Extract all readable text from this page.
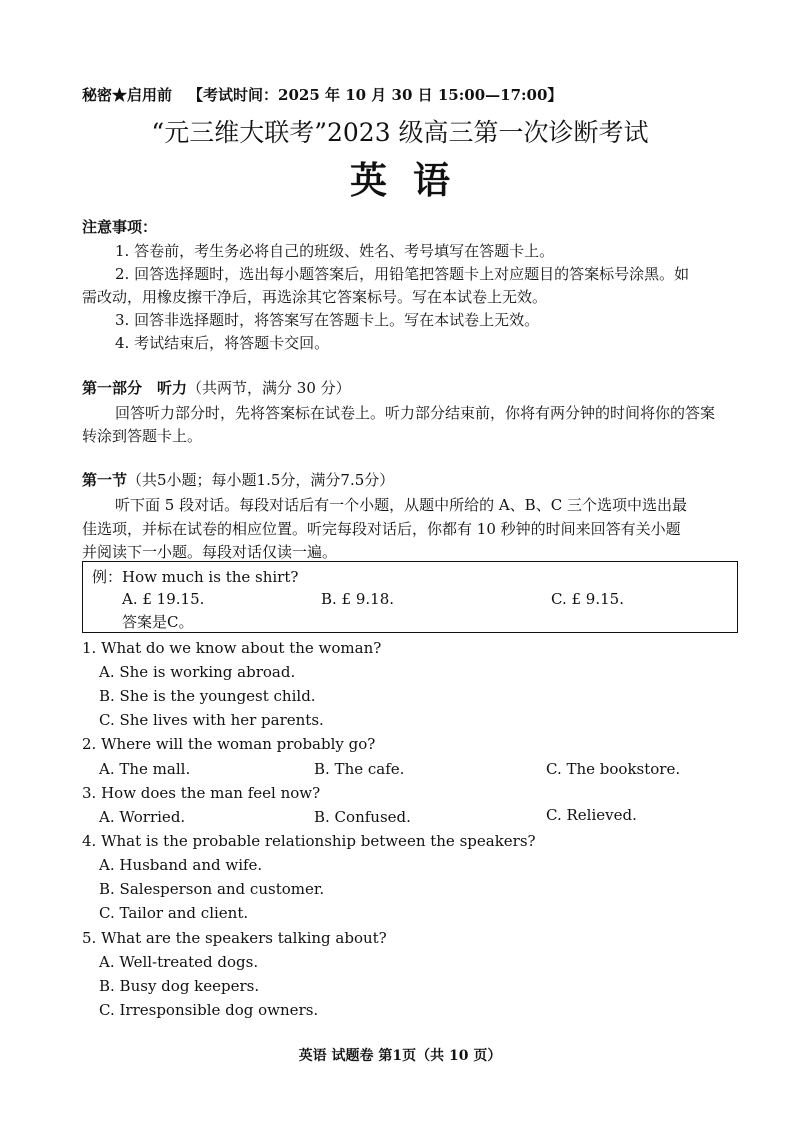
秘密★启用前 【考试时间：2025 年 10 月 30 日 15:00—17:00】
“元三维大联考”2023 级高三第一次诊断考试
英语
注意事项：
1. 答卷前，考生务必将自己的班级、姓名、考号填写在答题卡上。
2. 回答选择题时，选出每小题答案后，用铅笔把答题卡上对应题目的答案标号涂黑。如
需改动，用橡皮擦干净后，再选涂其它答案标号。写在本试卷上无效。
3. 回答非选择题时，将答案写在答题卡上。写在本试卷上无效。
4. 考试结束后，将答题卡交回。
第一部分　听力（共两节，满分 30 分）
回答听力部分时，先将答案标在试卷上。听力部分结束前，你将有两分钟的时间将你的答案
转涂到答题卡上。
第一节（共5小题；每小题1.5分，满分7.5分）
听下面 5 段对话。每段对话后有一个小题，从题中所给的 A、B、C 三个选项中选出最
佳选项，并标在试卷的相应位置。听完每段对话后，你都有 10 秒钟的时间来回答有关小题
并阅读下一小题。每段对话仅读一遍。
例：How much is the shirt?
A. £ 19.15.	B. £ 9.18.	C. £ 9.15.
答案是C。
1. What do we know about the woman?
A. She is working abroad.
B. She is the youngest child.
C. She lives with her parents.
2. Where will the woman probably go?
A. The mall.	B. The cafe.	C. The bookstore.
3. How does the man feel now?
A. Worried.	B. Confused.	C. Relieved.
4. What is the probable relationship between the speakers?
A. Husband and wife.
B. Salesperson and customer.
C. Tailor and client.
5. What are the speakers talking about?
A. Well-treated dogs.
B. Busy dog keepers.
C. Irresponsible dog owners.
英语 试题卷 第1页（共 10 页）
